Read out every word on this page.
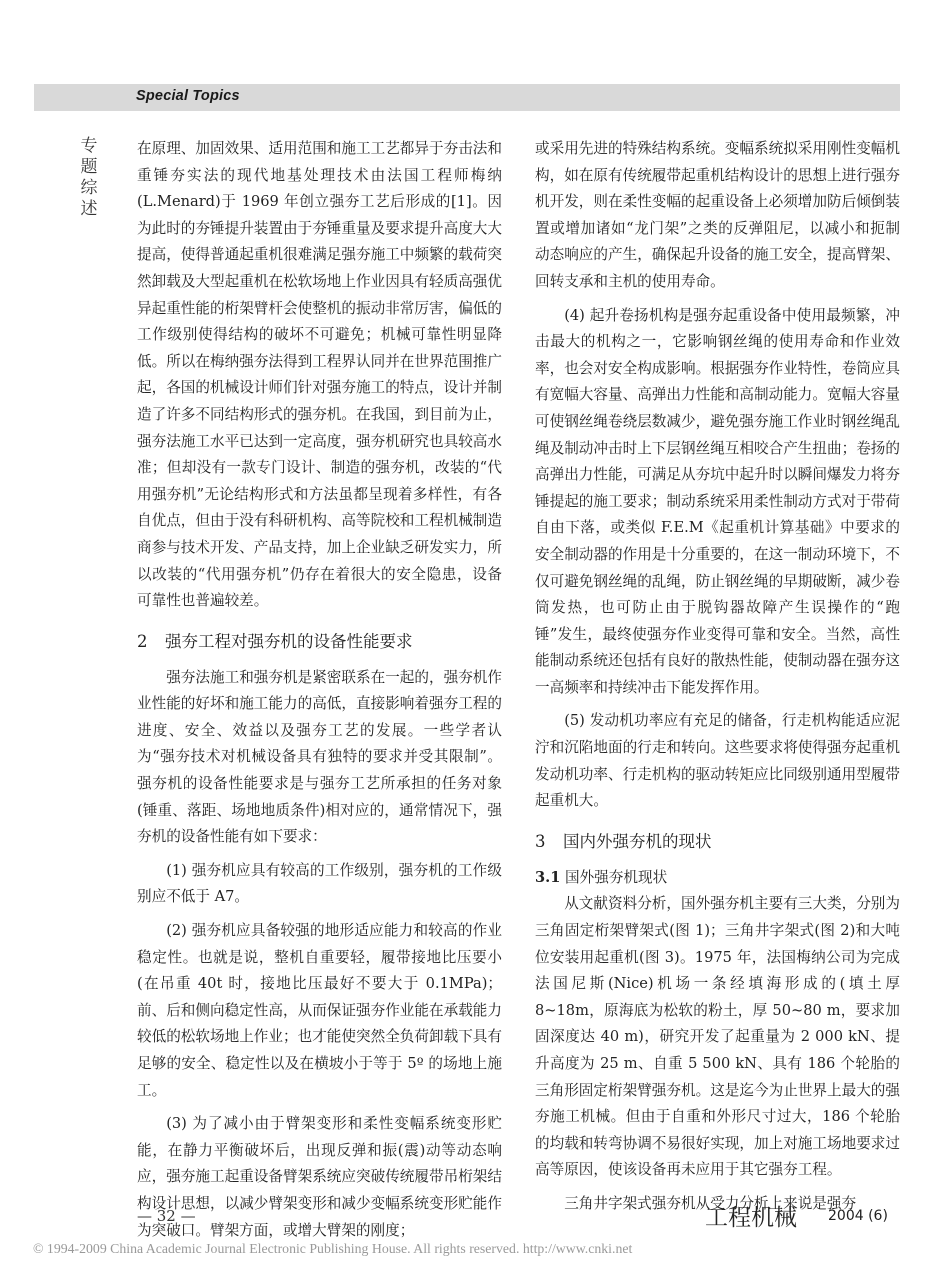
Special Topics
专
题
综
述

在原理、加固效果、适用范围和施工工艺都异于夯击法和重锤夯实法的现代地基处理技术由法国工程师梅纳(L.Menard)于 1969 年创立强夯工艺后形成的[1]。因为此时的夯锤提升装置由于夯锤重量及要求提升高度大大提高，使得普通起重机很难满足强夯施工中频繁的载荷突然卸载及大型起重机在松软场地上作业因具有轻质高强优异起重性能的桁架臂杆会使整机的振动非常厉害，偏低的工作级别使得结构的破坏不可避免；机械可靠性明显降低。所以在梅纳强夯法得到工程界认同并在世界范围推广起，各国的机械设计师们针对强夯施工的特点，设计并制造了许多不同结构形式的强夯机。在我国，到目前为止，强夯法施工水平已达到一定高度，强夯机研究也具较高水准；但却没有一款专门设计、制造的强夯机，改装的“代用强夯机”无论结构形式和方法虽都呈现着多样性，有各自优点，但由于没有科研机构、高等院校和工程机械制造商参与技术开发、产品支持，加上企业缺乏研发实力，所以改装的“代用强夯机”仍存在着很大的安全隐患，设备可靠性也普遍较差。

2 强夯工程对强夯机的设备性能要求

强夯法施工和强夯机是紧密联系在一起的，强夯机作业性能的好坏和施工能力的高低，直接影响着强夯工程的进度、安全、效益以及强夯工艺的发展。一些学者认为“强夯技术对机械设备具有独特的要求并受其限制”。强夯机的设备性能要求是与强夯工艺所承担的任务对象(锤重、落距、场地地质条件)相对应的，通常情况下，强夯机的设备性能有如下要求：

(1) 强夯机应具有较高的工作级别，强夯机的工作级别应不低于 A7。

(2) 强夯机应具备较强的地形适应能力和较高的作业稳定性。也就是说，整机自重要轻，履带接地比压要小(在吊重 40t 时，接地比压最好不要大于 0.1MPa)；前、后和侧向稳定性高，从而保证强夯作业能在承载能力较低的松软场地上作业；也才能使突然全负荷卸载下具有足够的安全、稳定性以及在横坡小于等于 5º 的场地上施工。

(3) 为了减小由于臂架变形和柔性变幅系统变形贮能，在静力平衡破坏后，出现反弹和振(震)动等动态响应，强夯施工起重设备臂架系统应突破传统履带吊桁架结构设计思想，以减少臂架变形和减少变幅系统变形贮能作为突破口。臂架方面，或增大臂架的刚度；

或采用先进的特殊结构系统。变幅系统拟采用刚性变幅机构，如在原有传统履带起重机结构设计的思想上进行强夯机开发，则在柔性变幅的起重设备上必须增加防后倾倒装置或增加诸如“龙门架”之类的反弹阻尼，以减小和扼制动态响应的产生，确保起升设备的施工安全，提高臂架、回转支承和主机的使用寿命。

(4) 起升卷扬机构是强夯起重设备中使用最频繁，冲击最大的机构之一，它影响钢丝绳的使用寿命和作业效率，也会对安全构成影响。根据强夯作业特性，卷筒应具有宽幅大容量、高弹出力性能和高制动能力。宽幅大容量可使钢丝绳卷绕层数减少，避免强夯施工作业时钢丝绳乱绳及制动冲击时上下层钢丝绳互相咬合产生扭曲；卷扬的高弹出力性能，可满足从夯坑中起升时以瞬间爆发力将夯锤提起的施工要求；制动系统采用柔性制动方式对于带荷自由下落，或类似 F.E.M《起重机计算基础》中要求的安全制动器的作用是十分重要的，在这一制动环境下，不仅可避免钢丝绳的乱绳，防止钢丝绳的早期破断，减少卷筒发热，也可防止由于脱钩器故障产生误操作的“跑锤”发生，最终使强夯作业变得可靠和安全。当然，高性能制动系统还包括有良好的散热性能，使制动器在强夯这一高频率和持续冲击下能发挥作用。

(5) 发动机功率应有充足的储备，行走机构能适应泥泞和沉陷地面的行走和转向。这些要求将使得强夯起重机发动机功率、行走机构的驱动转矩应比同级别通用型履带起重机大。

3 国内外强夯机的现状
3.1 国外强夯机现状

从文献资料分析，国外强夯机主要有三大类，分别为三角固定桁架臂架式(图 1)；三角井字架式(图 2)和大吨位安装用起重机(图 3)。1975 年，法国梅纳公司为完成法国尼斯(Nice)机场一条经填海形成的(填土厚 8~18m，原海底为松软的粉土，厚 50~80 m，要求加固深度达 40 m)，研究开发了起重量为 2 000 kN、提升高度为 25 m、自重 5 500 kN、具有 186 个轮胎的三角形固定桁架臂强夯机。这是迄今为止世界上最大的强夯施工机械。但由于自重和外形尺寸过大，186 个轮胎的均载和转弯协调不易很好实现，加上对施工场地要求过高等原因，使该设备再未应用于其它强夯工程。

三角井字架式强夯机从受力分析上来说是强夯

— 32 —	工程机械 2004 (6)
© 1994-2009 China Academic Journal Electronic Publishing House. All rights reserved. http://www.cnki.net
